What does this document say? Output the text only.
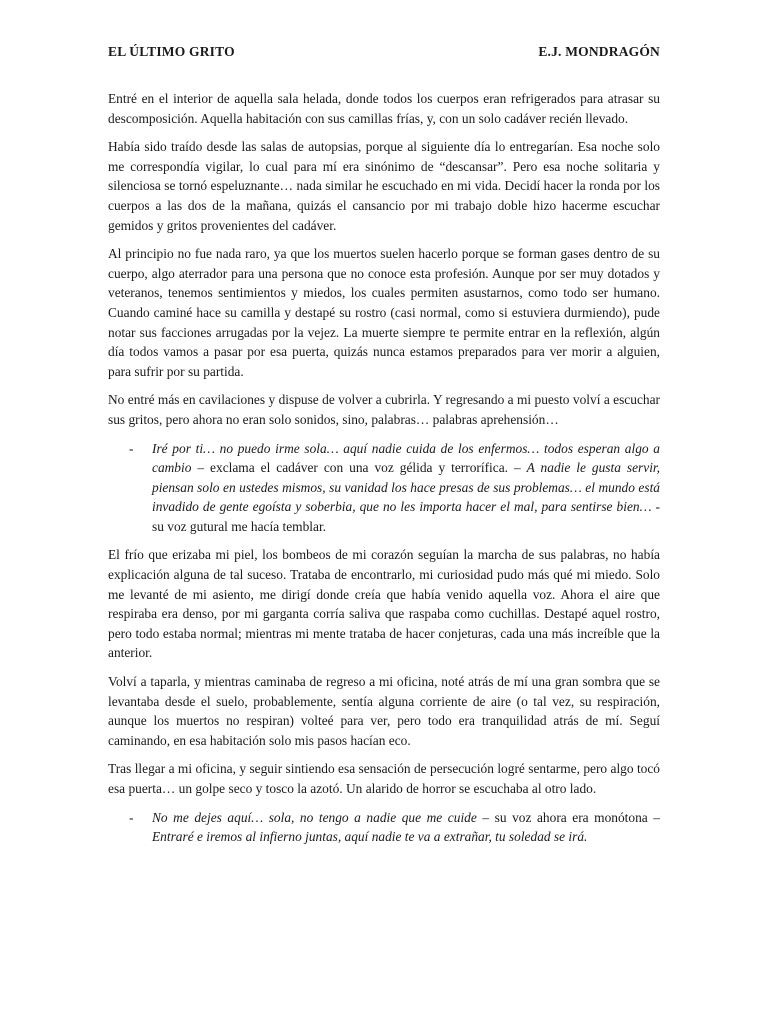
EL ÚLTIMO GRITO	E.J. MONDRAGÓN

Entré en el interior de aquella sala helada, donde todos los cuerpos eran refrigerados para atrasar su descomposición. Aquella habitación con sus camillas frías, y, con un solo cadáver recién llevado.

Había sido traído desde las salas de autopsias, porque al siguiente día lo entregarían. Esa noche solo me correspondía vigilar, lo cual para mí era sinónimo de “descansar”. Pero esa noche solitaria y silenciosa se tornó espeluznante… nada similar he escuchado en mi vida. Decidí hacer la ronda por los cuerpos a las dos de la mañana, quizás el cansancio por mi trabajo doble hizo hacerme escuchar gemidos y gritos provenientes del cadáver.

Al principio no fue nada raro, ya que los muertos suelen hacerlo porque se forman gases dentro de su cuerpo, algo aterrador para una persona que no conoce esta profesión. Aunque por ser muy dotados y veteranos, tenemos sentimientos y miedos, los cuales permiten asustarnos, como todo ser humano. Cuando caminé hace su camilla y destapé su rostro (casi normal, como si estuviera durmiendo), pude notar sus facciones arrugadas por la vejez. La muerte siempre te permite entrar en la reflexión, algún día todos vamos a pasar por esa puerta, quizás nunca estamos preparados para ver morir a alguien, para sufrir por su partida.

No entré más en cavilaciones y dispuse de volver a cubrirla. Y regresando a mi puesto volví a escuchar sus gritos, pero ahora no eran solo sonidos, sino, palabras… palabras aprehensión…

- Iré por ti… no puedo irme sola… aquí nadie cuida de los enfermos… todos esperan algo a cambio – exclama el cadáver con una voz gélida y terrorífica. – A nadie le gusta servir, piensan solo en ustedes mismos, su vanidad los hace presas de sus problemas… el mundo está invadido de gente egoísta y soberbia, que no les importa hacer el mal, para sentirse bien… - su voz gutural me hacía temblar.

El frío que erizaba mi piel, los bombeos de mi corazón seguían la marcha de sus palabras, no había explicación alguna de tal suceso. Trataba de encontrarlo, mi curiosidad pudo más qué mi miedo. Solo me levanté de mi asiento, me dirigí donde creía que había venido aquella voz. Ahora el aire que respiraba era denso, por mi garganta corría saliva que raspaba como cuchillas. Destapé aquel rostro, pero todo estaba normal; mientras mi mente trataba de hacer conjeturas, cada una más increíble que la anterior.

Volví a taparla, y mientras caminaba de regreso a mi oficina, noté atrás de mí una gran sombra que se levantaba desde el suelo, probablemente, sentía alguna corriente de aire (o tal vez, su respiración, aunque los muertos no respiran) volteé para ver, pero todo era tranquilidad atrás de mí. Seguí caminando, en esa habitación solo mis pasos hacían eco.

Tras llegar a mi oficina, y seguir sintiendo esa sensación de persecución logré sentarme, pero algo tocó esa puerta… un golpe seco y tosco la azotó. Un alarido de horror se escuchaba al otro lado.

- No me dejes aquí… sola, no tengo a nadie que me cuide – su voz ahora era monótona – Entraré e iremos al infierno juntas, aquí nadie te va a extrañar, tu soledad se irá.
